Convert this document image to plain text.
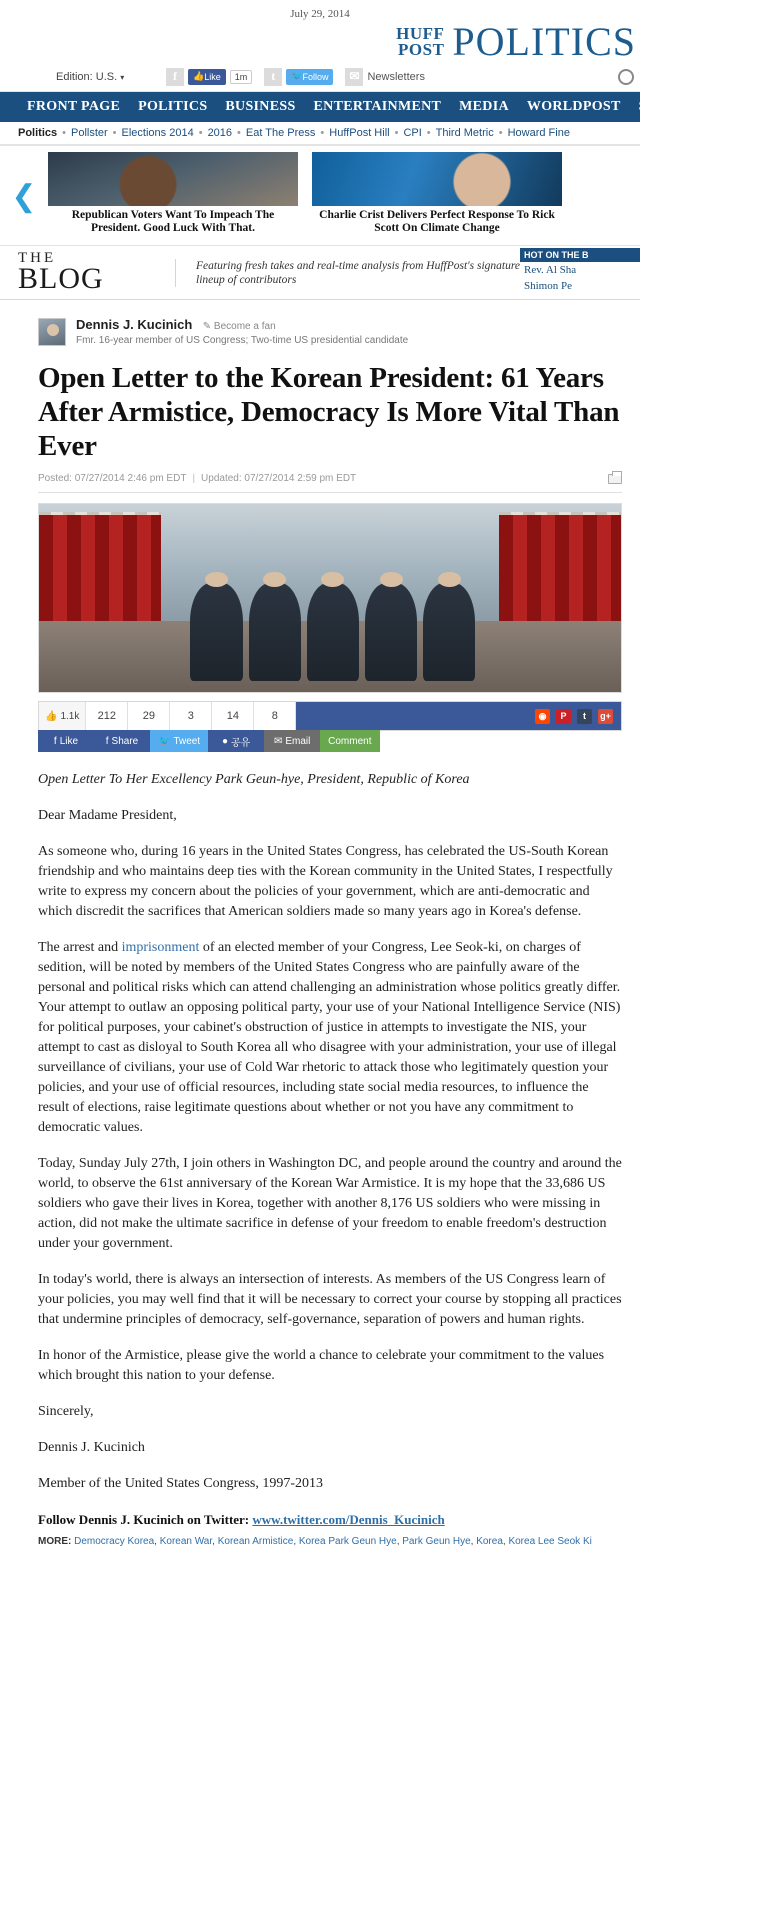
July 29, 2014
HUFF
POST POLITICS
Edition: U.S. ▾	f	👍 Like	1m	t	🐦 Follow	✉ Newsletters
FRONT PAGE	POLITICS	BUSINESS	ENTERTAINMENT	MEDIA	WORLDPOST	SPORTS	TECH
Politics • Pollster • Elections 2014 • 2016 • Eat The Press • HuffPost Hill • CPI • Third Metric • Howard Fine
❮
Republican Voters Want To Impeach The President. Good Luck With That.
Charlie Crist Delivers Perfect Response To Rick Scott On Climate Change
THE
BLOG	Featuring fresh takes and real-time analysis from HuffPost's signature lineup of contributors
HOT ON THE B
Rev. Al Sha
Shimon Pe
Dennis J. Kucinich ✎ Become a fan
Fmr. 16-year member of US Congress; Two-time US presidential candidate
Open Letter to the Korean President: 61 Years After Armistice, Democracy Is More Vital Than Ever
Posted: 07/27/2014 2:46 pm EDT | Updated: 07/27/2014 2:59 pm EDT
👍 1.1k	212	29	3	14	8	◉	P	t	g+
f Like	f Share 🐦 Tweet ● 공유 ✉ Email Comment

Open Letter To Her Excellency Park Geun-hye, President, Republic of Korea

Dear Madame President,

As someone who, during 16 years in the United States Congress, has celebrated the US-South Korean friendship and who maintains deep ties with the Korean community in the United States, I respectfully write to express my concern about the policies of your government, which are anti-democratic and which discredit the sacrifices that American soldiers made so many years ago in Korea's defense.

The arrest and imprisonment of an elected member of your Congress, Lee Seok-ki, on charges of sedition, will be noted by members of the United States Congress who are painfully aware of the personal and political risks which can attend challenging an administration whose politics greatly differ. Your attempt to outlaw an opposing political party, your use of your National Intelligence Service (NIS) for political purposes, your cabinet's obstruction of justice in attempts to investigate the NIS, your attempt to cast as disloyal to South Korea all who disagree with your administration, your use of illegal surveillance of civilians, your use of Cold War rhetoric to attack those who legitimately question your policies, and your use of official resources, including state social media resources, to influence the result of elections, raise legitimate questions about whether or not you have any commitment to democratic values.

Today, Sunday July 27th, I join others in Washington DC, and people around the country and around the world, to observe the 61st anniversary of the Korean War Armistice. It is my hope that the 33,686 US soldiers who gave their lives in Korea, together with another 8,176 US soldiers who were missing in action, did not make the ultimate sacrifice in defense of your freedom to enable freedom's destruction under your government.

In today's world, there is always an intersection of interests. As members of the US Congress learn of your policies, you may well find that it will be necessary to correct your course by stopping all practices that undermine principles of democracy, self-governance, separation of powers and human rights.

In honor of the Armistice, please give the world a chance to celebrate your commitment to the values which brought this nation to your defense.

Sincerely,

Dennis J. Kucinich

Member of the United States Congress, 1997-2013

Follow Dennis J. Kucinich on Twitter: www.twitter.com/Dennis_Kucinich
MORE: Democracy Korea, Korean War, Korean Armistice, Korea Park Geun Hye, Park Geun Hye, Korea, Korea Lee Seok Ki
